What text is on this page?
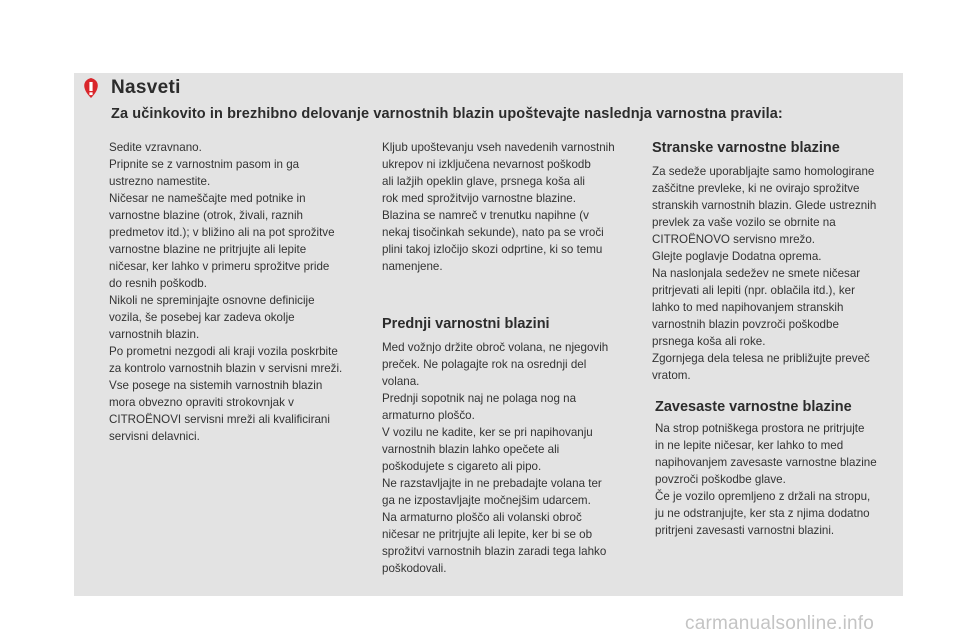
Nasveti
Za učinkovito in brezhibno delovanje varnostnih blazin upoštevajte naslednja varnostna pravila:
Sedite vzravnano.
Pripnite se z varnostnim pasom in ga
ustrezno namestite.
Ničesar ne nameščajte med potnike in
varnostne blazine (otrok, živali, raznih
predmetov itd.); v bližino ali na pot sprožitve
varnostne blazine ne pritrjujte ali lepite
ničesar, ker lahko v primeru sprožitve pride
do resnih poškodb.
Nikoli ne spreminjajte osnovne definicije
vozila, še posebej kar zadeva okolje
varnostnih blazin.
Po prometni nezgodi ali kraji vozila poskrbite
za kontrolo varnostnih blazin v servisni mreži.
Vse posege na sistemih varnostnih blazin
mora obvezno opraviti strokovnjak v
CITROËNOVI servisni mreži ali kvalificirani
servisni delavnici.
Kljub upoštevanju vseh navedenih varnostnih
ukrepov ni izključena nevarnost poškodb
ali lažjih opeklin glave, prsnega koša ali
rok med sprožitvijo varnostne blazine.
Blazina se namreč v trenutku napihne (v
nekaj tisočinkah sekunde), nato pa se vroči
plini takoj izločijo skozi odprtine, ki so temu
namenjene.
Prednji varnostni blazini
Med vožnjo držite obroč volana, ne njegovih
preček. Ne polagajte rok na osrednji del
volana.
Prednji sopotnik naj ne polaga nog na
armaturno ploščo.
V vozilu ne kadite, ker se pri napihovanju
varnostnih blazin lahko opečete ali
poškodujete s cigareto ali pipo.
Ne razstavljajte in ne prebadajte volana ter
ga ne izpostavljajte močnejšim udarcem.
Na armaturno ploščo ali volanski obroč
ničesar ne pritrjujte ali lepite, ker bi se ob
sprožitvi varnostnih blazin zaradi tega lahko
poškodovali.
Stranske varnostne blazine
Za sedeže uporabljajte samo homologirane
zaščitne prevleke, ki ne ovirajo sprožitve
stranskih varnostnih blazin. Glede ustreznih
prevlek za vaše vozilo se obrnite na
CITROËNOVO servisno mrežo.
Glejte poglavje Dodatna oprema.
Na naslonjala sedežev ne smete ničesar
pritrjevati ali lepiti (npr. oblačila itd.), ker
lahko to med napihovanjem stranskih
varnostnih blazin povzroči poškodbe
prsnega koša ali roke.
Zgornjega dela telesa ne približujte preveč
vratom.
Zavesaste varnostne blazine
Na strop potniškega prostora ne pritrjujte
in ne lepite ničesar, ker lahko to med
napihovanjem zavesaste varnostne blazine
povzroči poškodbe glave.
Če je vozilo opremljeno z držali na stropu,
ju ne odstranjujte, ker sta z njima dodatno
pritrjeni zavesasti varnostni blazini.
carmanualsonline.info
